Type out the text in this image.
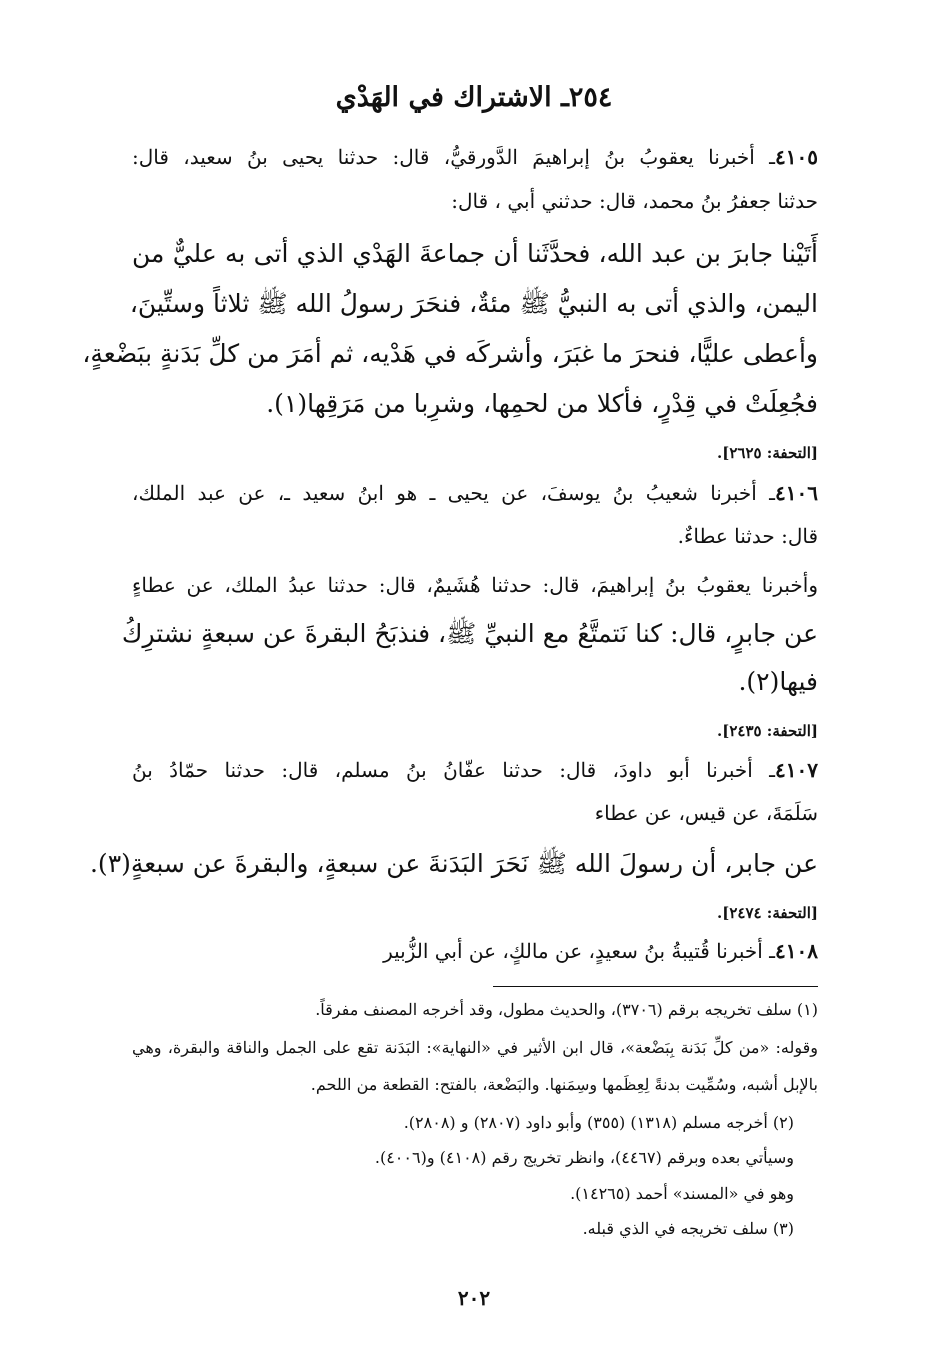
٢٥٤ـ الاشتراك في الهَدْي
٤١٠٥ـ أخبرنا يعقوبُ بنُ إبراهيمَ الدَّورقيُّ، قال: حدثنا يحيى بنُ سعيد، قال:
حدثنا جعفرُ بنُ محمد، قال: حدثني أبي ، قال:
أَتَيْنا جابرَ بن عبد الله، فحدَّثَنا أن جماعةَ الهَدْي الذي أتى به عليٌّ من
اليمن، والذي أتى به النبيُّ ﷺ مئةٌ، فنحَرَ رسولُ الله ﷺ ثلاثاً وستِّينَ،
وأعطى عليًّا، فنحرَ ما غبَرَ، وأشركَه في هَدْيه، ثم أمَرَ من كلِّ بَدَنةٍ ببَضْعةٍ،
فجُعِلَتْ في قِدْرٍ، فأكلا من لحمِها، وشرِبا من مَرَقِها(١).
[التحفة: ٢٦٢٥].
٤١٠٦ـ أخبرنا شعيبُ بنُ يوسفَ، عن يحيى ـ هو ابنُ سعيد ـ، عن عبد الملك،
قال: حدثنا عطاءٌ.
وأخبرنا يعقوبُ بنُ إبراهيمَ، قال: حدثنا هُشَيمٌ، قال: حدثنا عبدُ الملك، عن عطاءٍ
عن جابرٍ، قال: كنا نَتمتَّعُ مع النبيِّ ﷺ، فنذبَحُ البقرةَ عن سبعةٍ نشترِكُ
فيها(٢).
[التحفة: ٢٤٣٥].
٤١٠٧ـ أخبرنا أبو داودَ، قال: حدثنا عفّانُ بنُ مسلم، قال: حدثنا حمّادُ بنُ
سَلَمَةَ، عن قيس، عن عطاء
عن جابر، أن رسولَ الله ﷺ نَحَرَ البَدَنةَ عن سبعةٍ، والبقرةَ عن سبعةٍ(٣).
[التحفة: ٢٤٧٤].
٤١٠٨ـ أخبرنا قُتيبةُ بنُ سعيدٍ، عن مالكٍ، عن أبي الزُّبير
(١) سلف تخريجه برقم (٣٧٠٦)، والحديث مطول، وقد أخرجه المصنف مفرقاً.
وقوله: «من كلِّ بَدَنة بِبَضْعة»، قال ابن الأثير في «النهاية»: البَدَنة تقع على الجمل والناقة والبقرة، وهي
بالإبل أشبه، وسُمِّيت بدنةً لِعِظَمها وسِمَنها. والبَضْعة، بالفتح: القطعة من اللحم.
(٢) أخرجه مسلم (١٣١٨) (٣٥٥) وأبو داود (٢٨٠٧) و (٢٨٠٨).
وسيأتي بعده وبرقم (٤٤٦٧)، وانظر تخريج رقم (٤١٠٨) و(٤٠٠٦).
وهو في «المسند» أحمد (١٤٢٦٥).
(٣) سلف تخريجه في الذي قبله.
٢٠٢
